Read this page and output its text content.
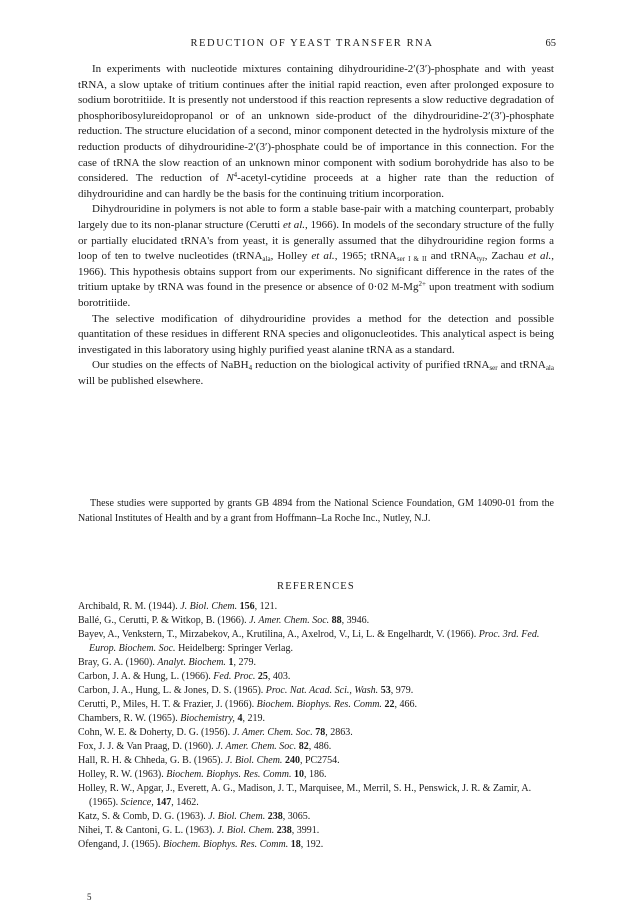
REDUCTION OF YEAST TRANSFER RNA	65

In experiments with nucleotide mixtures containing dihydrouridine-2′(3′)-phosphate and with yeast tRNA, a slow uptake of tritium continues after the initial rapid reaction, even after prolonged exposure to sodium borotritiide. It is presently not understood if this reaction represents a slow reductive degradation of phosphoribosylureidopropanol or of an unknown side-product of the dihydrouridine-2′(3′)-phosphate reduction. The structure elucidation of a second, minor component detected in the hydrolysis mixture of the reduction products of dihydrouridine-2′(3′)-phosphate could be of importance in this connection. For the case of tRNA the slow reaction of an unknown minor component with sodium borohydride has also to be considered. The reduction of $N^4-acetyl$-cytidine proceeds at a higher rate than the reduction of dihydrouridine and can hardly be the basis for the continuing tritium incorporation.

Dihydrouridine in polymers is not able to form a stable base-pair with a matching counterpart, probably largely due to its non-planar structure (Cerutti et al., 1966). In models of the secondary structure of the fully or partially elucidated tRNA's from yeast, it is generally assumed that the dihydrouridine region forms a loop of ten to twelve nucleotides (tRNA$_{ala}$, Holley et al., 1965; tRNA$_{ser I \& II}$ and tRNA$_{tyr}$, Zachau et al., 1966). This hypothesis obtains support from our experiments. No significant difference in the rates of the tritium uptake by tRNA was found in the presence or absence of 0·02 $M-Mg^{2+}$ upon treatment with sodium borotritiide.

The selective modification of dihydrouridine provides a method for the detection and possible quantitation of these residues in different RNA species and oligonucleotides. This analytical aspect is being investigated in this laboratory using highly purified yeast alanine tRNA as a standard.

Our studies on the effects of NaBH$_4$ reduction on the biological activity of purified tRNA$_{ser}$ and tRNA$_{ala}$ will be published elsewhere.

These studies were supported by grants GB 4894 from the National Science Foundation, GM 14090-01 from the National Institutes of Health and by a grant from Hoffmann–La Roche Inc., Nutley, N.J.

REFERENCES
Archibald, R. M. (1944). J. Biol. Chem. 156, 121.
Ballé, G., Cerutti, P. & Witkop, B. (1966). J. Amer. Chem. Soc. 88, 3946.
Bayev, A., Venkstern, T., Mirzabekov, A., Krutilina, A., Axelrod, V., Li, L. & Engelhardt, V. (1966). Proc. 3rd. Fed. Europ. Biochem. Soc. Heidelberg: Springer Verlag.
Bray, G. A. (1960). Analyt. Biochem. 1, 279.
Carbon, J. A. & Hung, L. (1966). Fed. Proc. 25, 403.
Carbon, J. A., Hung, L. & Jones, D. S. (1965). Proc. Nat. Acad. Sci., Wash. 53, 979.
Cerutti, P., Miles, H. T. & Frazier, J. (1966). Biochem. Biophys. Res. Comm. 22, 466.
Chambers, R. W. (1965). Biochemistry, 4, 219.
Cohn, W. E. & Doherty, D. G. (1956). J. Amer. Chem. Soc. 78, 2863.
Fox, J. J. & Van Praag, D. (1960). J. Amer. Chem. Soc. 82, 486.
Hall, R. H. & Chheda, G. B. (1965). J. Biol. Chem. 240, PC2754.
Holley, R. W. (1963). Biochem. Biophys. Res. Comm. 10, 186.
Holley, R. W., Apgar, J., Everett, A. G., Madison, J. T., Marquisee, M., Merril, S. H., Penswick, J. R. & Zamir, A. (1965). Science, 147, 1462.
Katz, S. & Comb, D. G. (1963). J. Biol. Chem. 238, 3065.
Nihei, T. & Cantoni, G. L. (1963). J. Biol. Chem. 238, 3991.
Ofengand, J. (1965). Biochem. Biophys. Res. Comm. 18, 192.
5
